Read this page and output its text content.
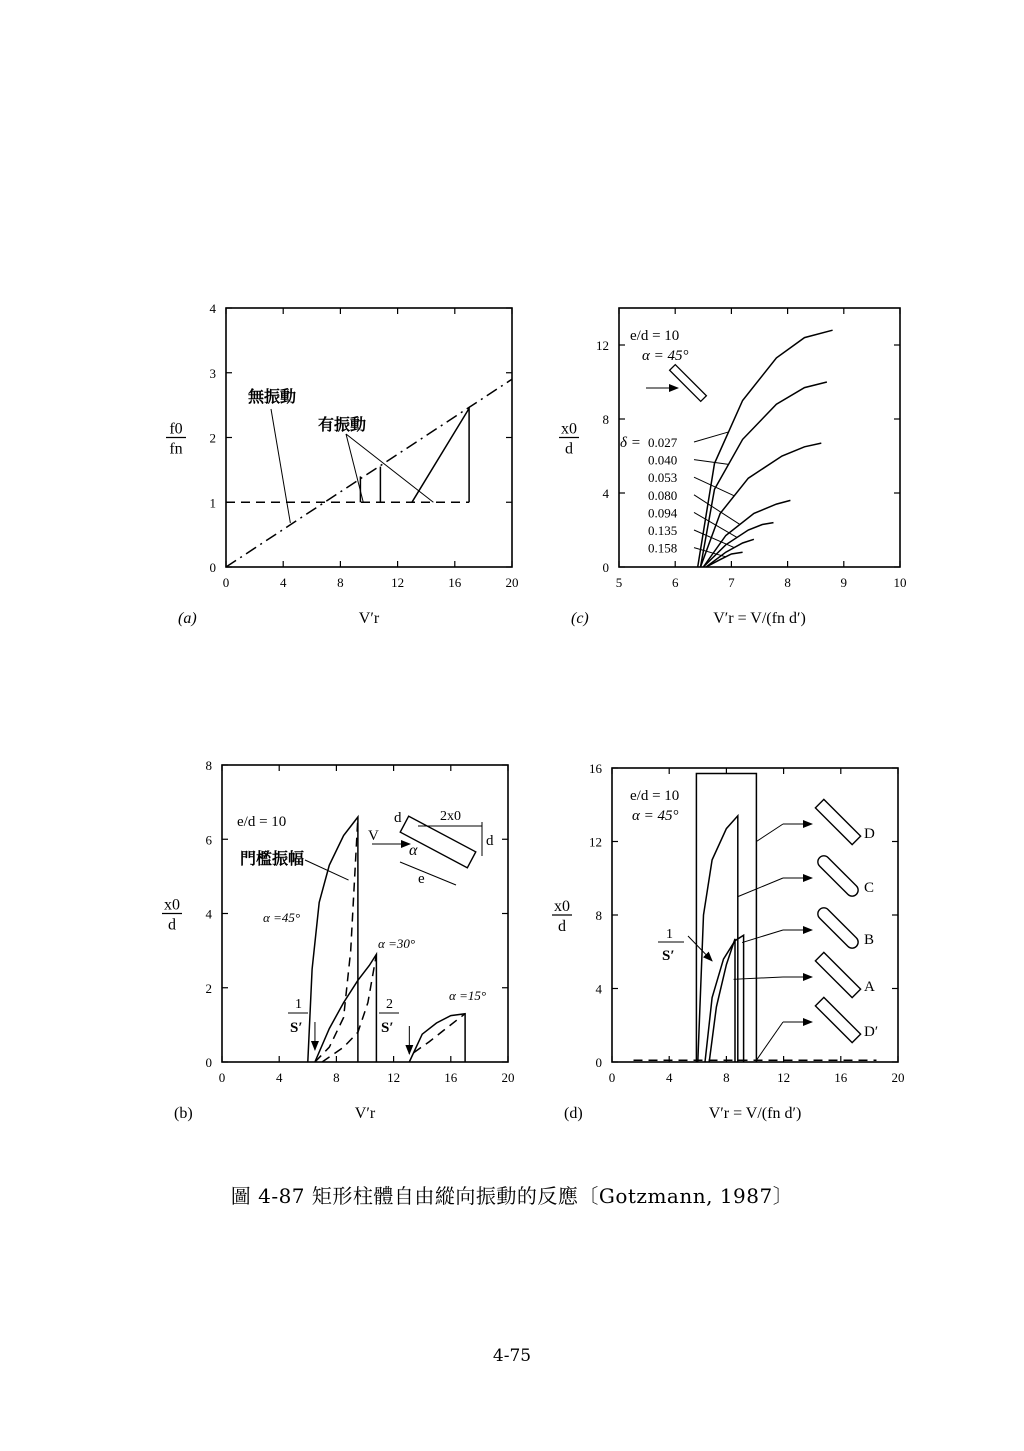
0	4	8	12	16	20
0
1
2
3
4
f0
fn
V′r
(a)
無振動
有振動
5	6	7	8	9	10
0
4
8
12
x0
d
V′r = V/(fn d′)
(c)
e/d = 10
α = 45°
δ = 0.027
0.040
0.053
0.080
0.094
0.135
0.158
0	4	8	12	16	20
0
2
4
6
8
x0
d
V′r
(b)
e/d = 10
門檻振幅
α =45°
α =30°
α =15°
1
S′
2
S′
V
d	2x0
d
α
e
0	4	8	12	16	20
0
4
8
12
16
x0
d
V′r = V/(fn d′)
(d)
e/d = 10
α = 45°
1
S′
D
C
B
A
D′
圖 4-87 矩形柱體自由縱向振動的反應〔Gotzmann, 1987〕
4-75
